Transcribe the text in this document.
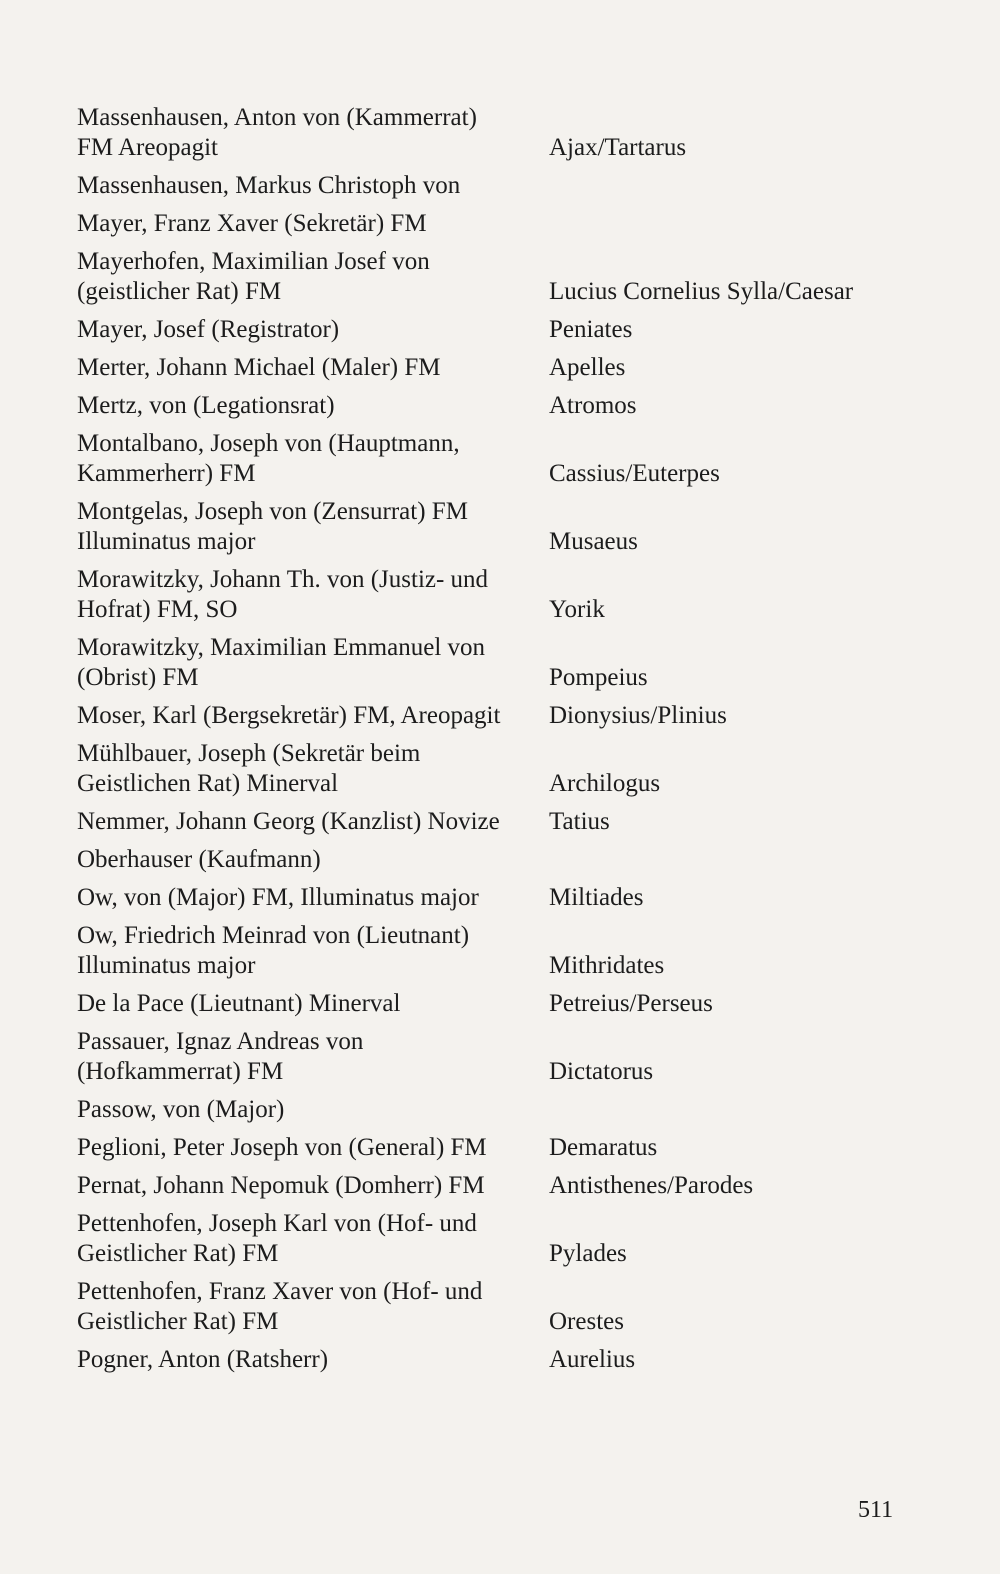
Massenhausen, Anton von (Kammerrat)
FM Areopagit	Ajax/Tartarus
Massenhausen, Markus Christoph von
Mayer, Franz Xaver (Sekretär) FM
Mayerhofen, Maximilian Josef von
(geistlicher Rat) FM	Lucius Cornelius Sylla/Caesar
Mayer, Josef (Registrator)	Peniates
Merter, Johann Michael (Maler) FM	Apelles
Mertz, von (Legationsrat)	Atromos
Montalbano, Joseph von (Hauptmann,
Kammerherr) FM	Cassius/Euterpes
Montgelas, Joseph von (Zensurrat) FM
Illuminatus major	Musaeus
Morawitzky, Johann Th. von (Justiz- und
Hofrat) FM, SO	Yorik
Morawitzky, Maximilian Emmanuel von
(Obrist) FM	Pompeius
Moser, Karl (Bergsekretär) FM, Areopagit	Dionysius/Plinius
Mühlbauer, Joseph (Sekretär beim
Geistlichen Rat) Minerval	Archilogus
Nemmer, Johann Georg (Kanzlist) Novize	Tatius
Oberhauser (Kaufmann)
Ow, von (Major) FM, Illuminatus major	Miltiades
Ow, Friedrich Meinrad von (Lieutnant)
Illuminatus major	Mithridates
De la Pace (Lieutnant) Minerval	Petreius/Perseus
Passauer, Ignaz Andreas von
(Hofkammerrat) FM	Dictatorus
Passow, von (Major)
Peglioni, Peter Joseph von (General) FM	Demaratus
Pernat, Johann Nepomuk (Domherr) FM	Antisthenes/Parodes
Pettenhofen, Joseph Karl von (Hof- und
Geistlicher Rat) FM	Pylades
Pettenhofen, Franz Xaver von (Hof- und
Geistlicher Rat) FM	Orestes
Pogner, Anton (Ratsherr)	Aurelius
511
